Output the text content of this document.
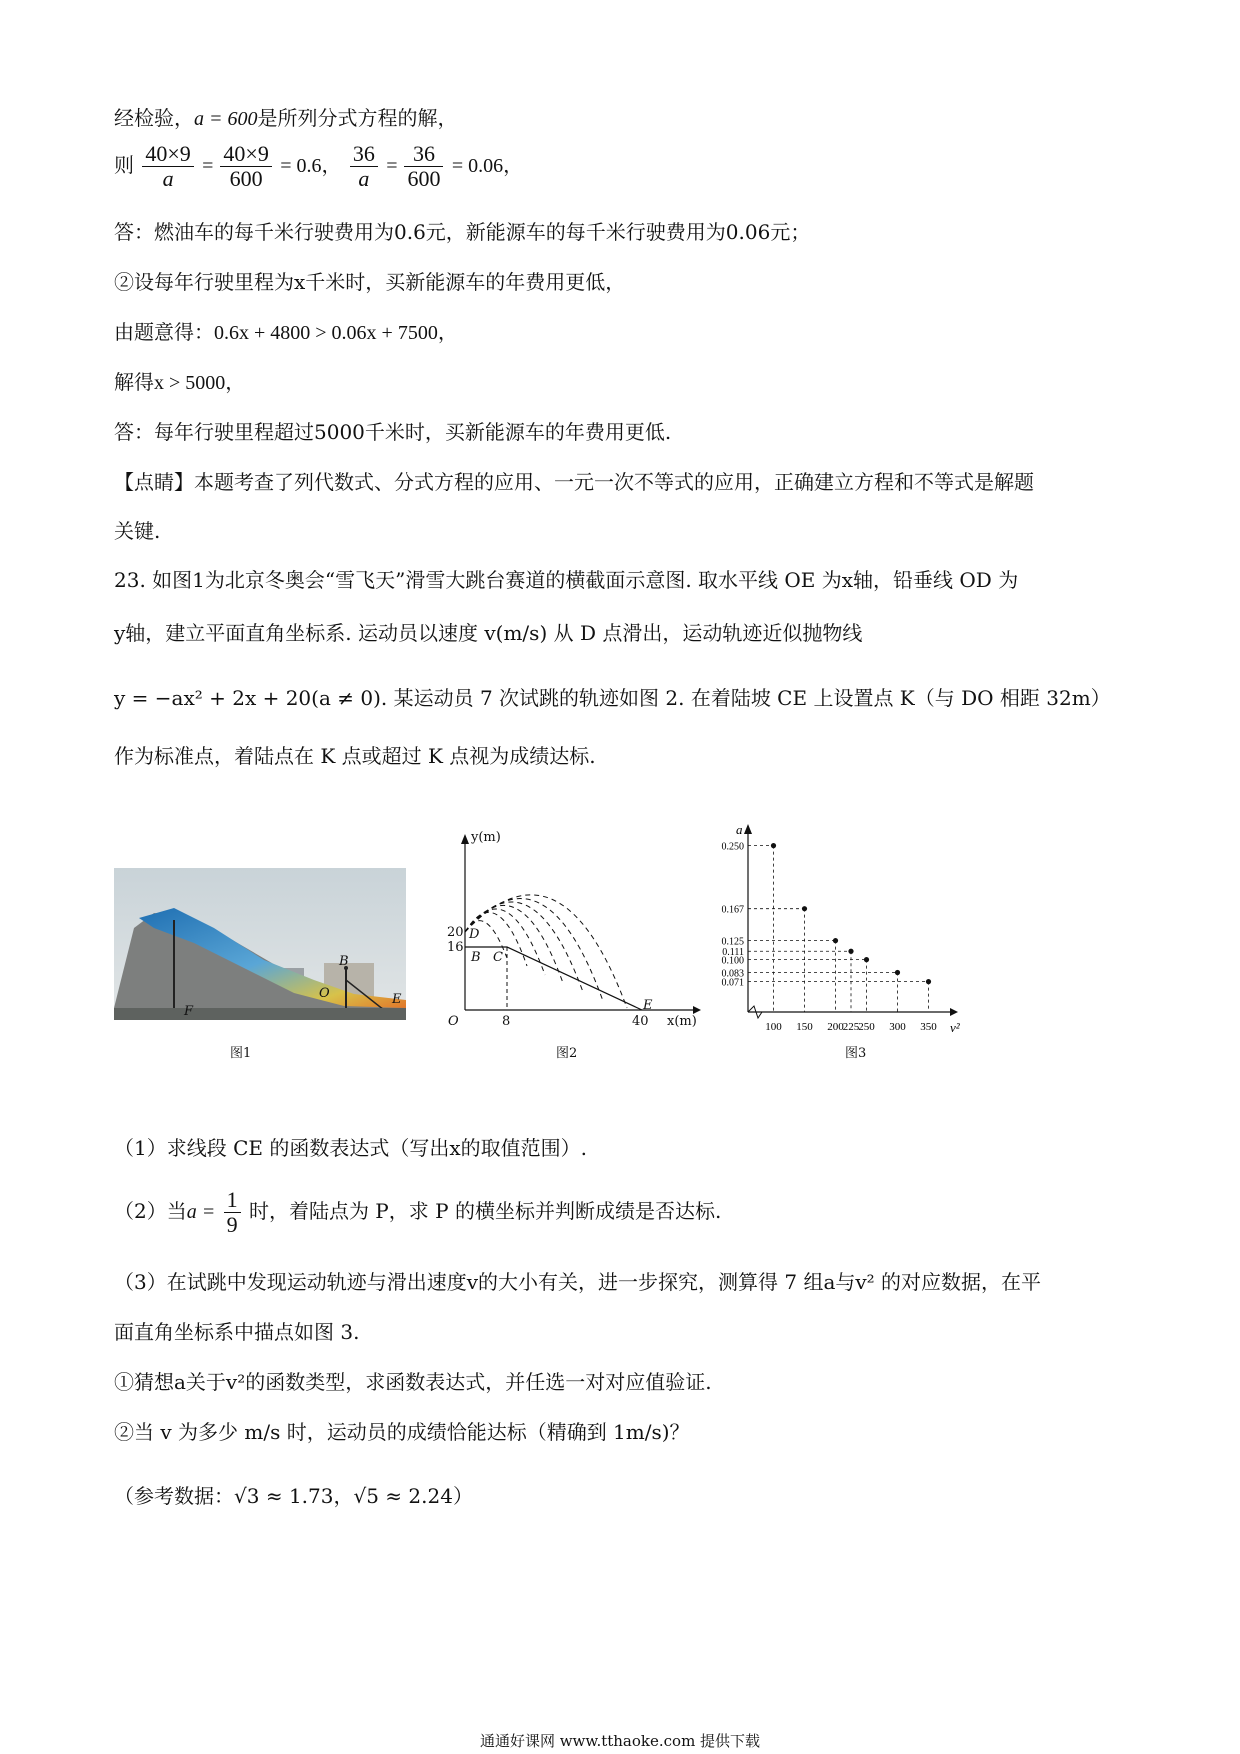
经检验，a = 600是所列分式方程的解，
则 $\frac{40\times 9}{a} = \frac{40\times 9}{600} = 0.6$， $\frac{36}{a} = \frac{36}{600} = 0.06$，
答：燃油车的每千米行驶费用为0.6元，新能源车的每千米行驶费用为0.06元；
②设每年行驶里程为x千米时，买新能源车的年费用更低，
由题意得：0.6x + 4800 > 0.06x + 7500，
解得x > 5000，
答：每年行驶里程超过5000千米时，买新能源车的年费用更低.
【点睛】本题考查了列代数式、分式方程的应用、一元一次不等式的应用，正确建立方程和不等式是解题
关键.
23. 如图1为北京冬奥会“雪飞天”滑雪大跳台赛道的横截面示意图. 取水平线 OE 为x轴，铅垂线 OD 为
y轴，建立平面直角坐标系. 运动员以速度 v(m/s) 从 D 点滑出，运动轨迹近似抛物线
y = −ax² + 2x + 20(a ≠ 0). 某运动员 7 次试跳的轨迹如图 2. 在着陆坡 CE 上设置点 K（与 DO 相距 32m）
作为标准点，着陆点在 K 点或超过 K 点视为成绩达标.
B
O	E
F
图1
y(m)
20
16
D
B C
O	8	40
E
x(m)
图2
a
v²
0.250
100
0.167
150
0.125
200
0.111
225
0.100
250
0.083
300
0.071
350
图3
（1）求线段 CE 的函数表达式（写出x的取值范围）.
（2）当$a = \frac{1}{9}$ 时，着陆点为 P，求 P 的横坐标并判断成绩是否达标.
（3）在试跳中发现运动轨迹与滑出速度v的大小有关，进一步探究，测算得 7 组a与v² 的对应数据，在平
面直角坐标系中描点如图 3.
①猜想a关于v²的函数类型，求函数表达式，并任选一对对应值验证.
②当 v 为多少 m/s 时，运动员的成绩恰能达标（精确到 1m/s)？
（参考数据：√3 ≈ 1.73，√5 ≈ 2.24）
通通好课网 www.tthaoke.com 提供下载
